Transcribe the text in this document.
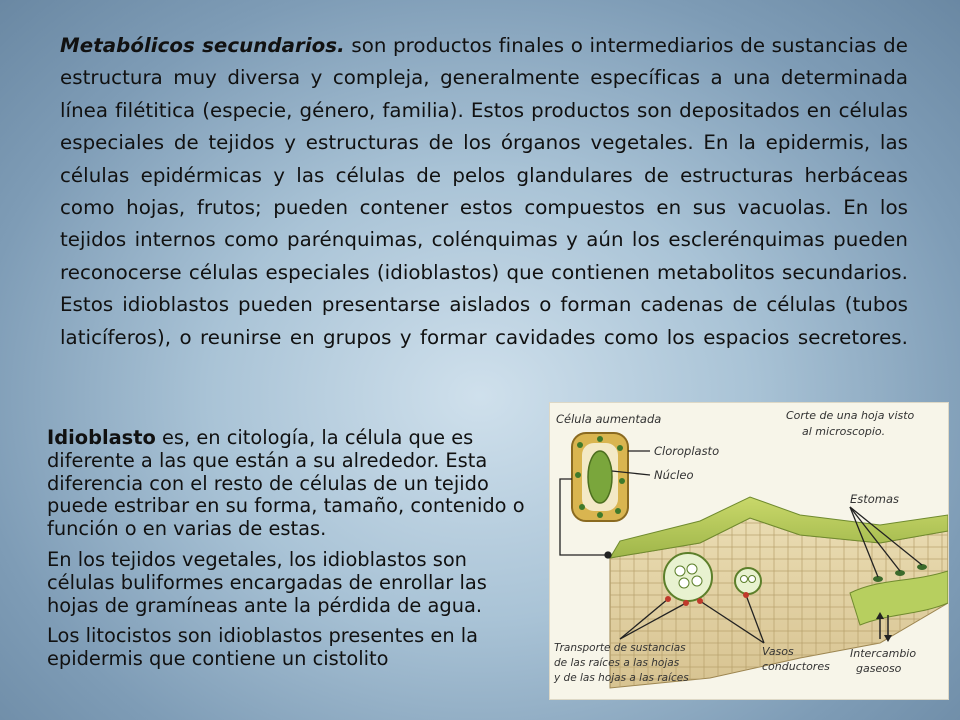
Metabólicos secundarios. son productos finales o intermediarios de sustancias de estructura muy diversa y compleja, generalmente específicas a una determinada línea filétitica (especie, género, familia). Estos productos son depositados en células especiales de tejidos y estructuras de los órganos vegetales. En la epidermis, las células epidérmicas y las células de pelos glandulares de estructuras herbáceas como hojas, frutos; pueden contener estos compuestos en sus vacuolas. En los tejidos internos como parénquimas, colénquimas y aún los esclerénquimas pueden reconocerse células especiales (idioblastos) que contienen metabolitos secundarios. Estos idioblastos pueden presentarse aislados o forman cadenas de células (tubos laticíferos), o reunirse en grupos y formar cavidades como los espacios secretores.

Idioblasto es, en citología, la célula que es diferente a las que están a su alrededor. Esta diferencia con el resto de células de un tejido puede estribar en su forma, tamaño, contenido o función o en varias de estas.

En los tejidos vegetales, los idioblastos son células buliformes encargadas de enrollar las hojas de gramíneas ante la pérdida de agua.

Los litocistos son idioblastos presentes en la epidermis que contiene un cistolito

Célula aumentada
Cloroplasto
Núcleo
Corte de una hoja visto
al microscopio.
Estomas
Transporte de sustancias
de las raíces a las hojas
y de las hojas a las raíces
Vasos
conductores
Intercambio
gaseoso
